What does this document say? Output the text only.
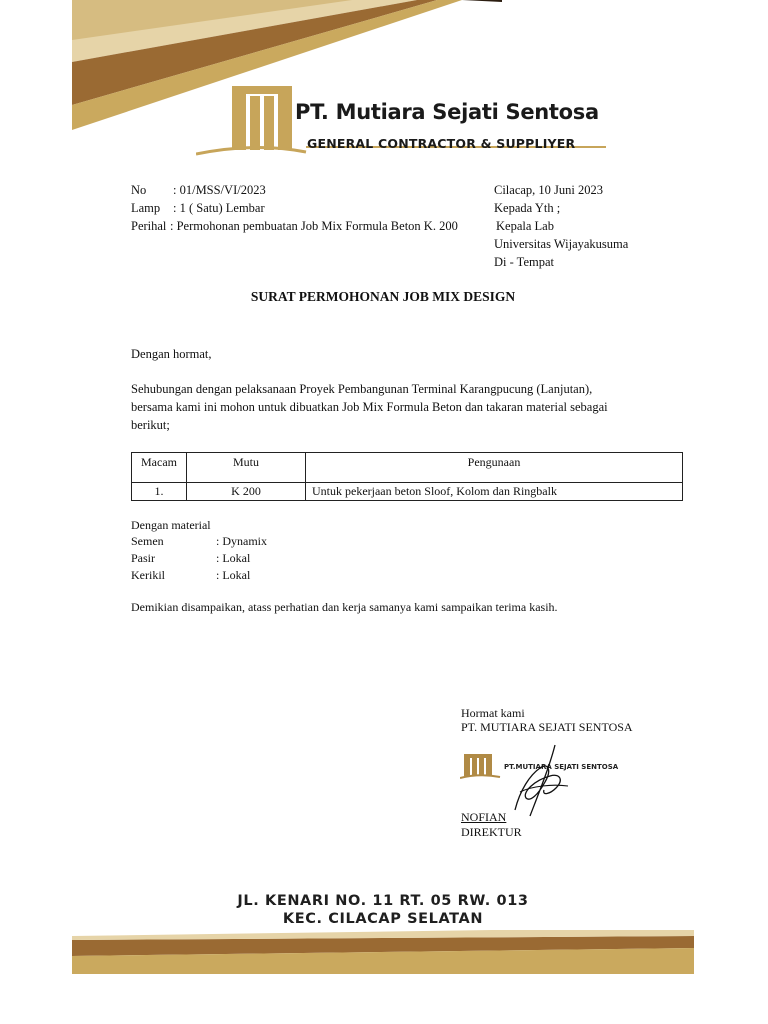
PT. Mutiara Sejati Sentosa
GENERAL CONTRACTOR & SUPPLIYER
No : 01/MSS/VI/2023
Lamp : 1 ( Satu) Lembar
Perihal : Permohonan pembuatan Job Mix Formula Beton K. 200
Cilacap, 10 Juni 2023
Kepada Yth ;
Kepala Lab
Universitas Wijayakusuma
Di - Tempat
SURAT PERMOHONAN JOB MIX DESIGN
Dengan hormat,
Sehubungan dengan pelaksanaan Proyek Pembangunan Terminal Karangpucung (Lanjutan),
bersama kami ini mohon untuk dibuatkan Job Mix Formula Beton dan takaran material sebagai
berikut;
Macam	Mutu	Pengunaan
1.	K 200	Untuk pekerjaan beton Sloof, Kolom dan Ringbalk
Dengan material
Semen	: Dynamix
Pasir	: Lokal
Kerikil	: Lokal
Demikian disampaikan, atass perhatian dan kerja samanya kami sampaikan terima kasih.
Hormat kami
PT. MUTIARA SEJATI SENTOSA
PT.MUTIARA SEJATI SENTOSA
NOFIAN
DIREKTUR
JL. KENARI NO. 11 RT. 05 RW. 013
KEC. CILACAP SELATAN
